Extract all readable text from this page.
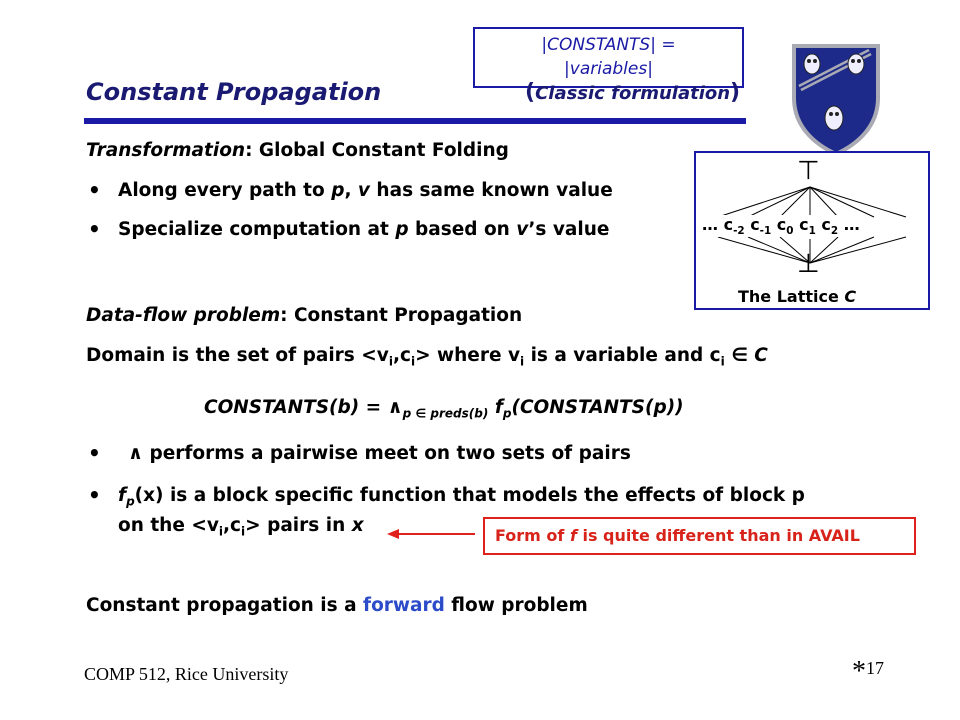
|CONSTANTS| =
|variables|
Constant Propagation	(Classic formulation)
Transformation: Global Constant Folding
• Along every path to p, v has same known value
• Specialize computation at p based on v’s value
⊤
… $c_{-2}$ $c_{-1}$ $c_0$ $c_1$ $c_2$ …
⊥
The Lattice C
Data-flow problem: Constant Propagation
Domain is the set of pairs $<v_i,c_i>$ where $v_i$ is a variable and $c_i$ ∈ C
CONSTANTS(b) = $\wedge_{p \in preds(b)}$ $f_p(CONSTANTS(p))$
• ∧ performs a pairwise meet on two sets of pairs
• $f_p(x)$ is a block specific function that models the effects of block p
on the $<v_i,c_i>$ pairs in x	Form of f is quite different than in AVAIL
Constant propagation is a forward flow problem
COMP 512, Rice University	*17
